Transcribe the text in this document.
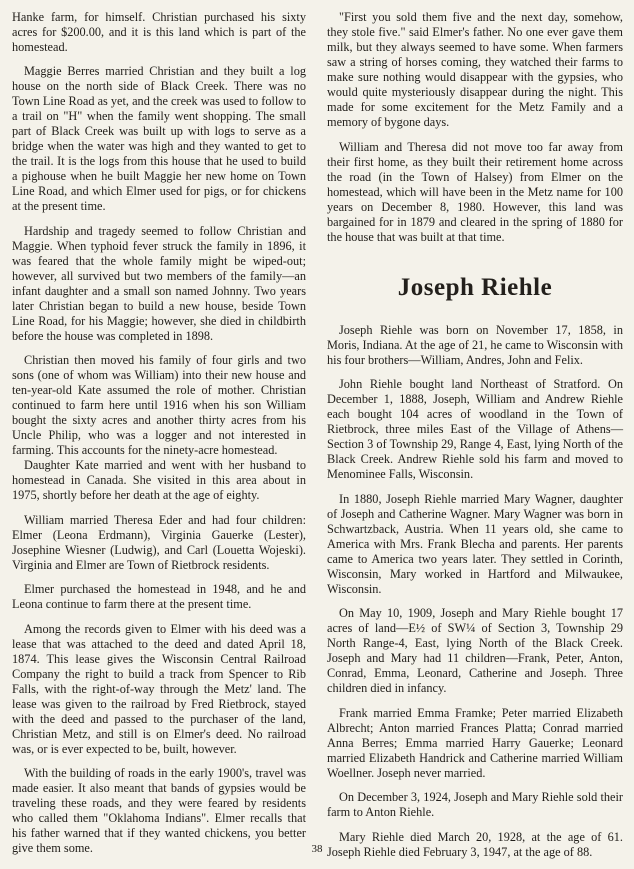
Hanke farm, for himself. Christian purchased his sixty acres for $200.00, and it is this land which is part of the homestead.

Maggie Berres married Christian and they built a log house on the north side of Black Creek. There was no Town Line Road as yet, and the creek was used to follow to a trail on "H" when the family went shopping. The small part of Black Creek was built up with logs to serve as a bridge when the water was high and they wanted to get to the trail. It is the logs from this house that he used to build a pighouse when he built Maggie her new home on Town Line Road, and which Elmer used for pigs, or for chickens at the present time.

Hardship and tragedy seemed to follow Christian and Maggie. When typhoid fever struck the family in 1896, it was feared that the whole family might be wiped-out; however, all survived but two members of the family—an infant daughter and a small son named Johnny. Two years later Christian began to build a new house, beside Town Line Road, for his Maggie; however, she died in childbirth before the house was completed in 1898.

Christian then moved his family of four girls and two sons (one of whom was William) into their new house and ten-year-old Kate assumed the role of mother. Christian continued to farm here until 1916 when his son William bought the sixty acres and another thirty acres from his Uncle Philip, who was a logger and not interested in farming. This accounts for the ninety-acre homestead.

Daughter Kate married and went with her husband to homestead in Canada. She visited in this area about in 1975, shortly before her death at the age of eighty.

William married Theresa Eder and had four children: Elmer (Leona Erdmann), Virginia Gauerke (Lester), Josephine Wiesner (Ludwig), and Carl (Louetta Wojeski). Virginia and Elmer are Town of Rietbrock residents.

Elmer purchased the homestead in 1948, and he and Leona continue to farm there at the present time.

Among the records given to Elmer with his deed was a lease that was attached to the deed and dated April 18, 1874. This lease gives the Wisconsin Central Railroad Company the right to build a track from Spencer to Rib Falls, with the right-of-way through the Metz' land. The lease was given to the railroad by Fred Rietbrock, stayed with the deed and passed to the purchaser of the land, Christian Metz, and still is on Elmer's deed. No railroad was, or is ever expected to be, built, however.

With the building of roads in the early 1900's, travel was made easier. It also meant that bands of gypsies would be traveling these roads, and they were feared by residents who called them "Oklahoma Indians". Elmer recalls that his father warned that if they wanted chickens, you better give them some.

"First you sold them five and the next day, somehow, they stole five." said Elmer's father. No one ever gave them milk, but they always seemed to have some. When farmers saw a string of horses coming, they watched their farms to make sure nothing would disappear with the gypsies, who would quite mysteriously disappear during the night. This made for some excitement for the Metz Family and a memory of bygone days.

William and Theresa did not move too far away from their first home, as they built their retirement home across the road (in the Town of Halsey) from Elmer on the homestead, which will have been in the Metz name for 100 years on December 8, 1980. However, this land was bargained for in 1879 and cleared in the spring of 1880 for the house that was built at that time.

Joseph Riehle

Joseph Riehle was born on November 17, 1858, in Moris, Indiana. At the age of 21, he came to Wisconsin with his four brothers—William, Andres, John and Felix.

John Riehle bought land Northeast of Stratford. On December 1, 1888, Joseph, William and Andrew Riehle each bought 104 acres of woodland in the Town of Rietbrock, three miles East of the Village of Athens—Section 3 of Township 29, Range 4, East, lying North of the Black Creek. Andrew Riehle sold his farm and moved to Menominee Falls, Wisconsin.

In 1880, Joseph Riehle married Mary Wagner, daughter of Joseph and Catherine Wagner. Mary Wagner was born in Schwartzback, Austria. When 11 years old, she came to America with Mrs. Frank Blecha and parents. Her parents came to America two years later. They settled in Corinth, Wisconsin, Mary worked in Hartford and Milwaukee, Wisconsin.

On May 10, 1909, Joseph and Mary Riehle bought 17 acres of land—E½ of SW¼ of Section 3, Township 29 North Range-4, East, lying North of the Black Creek. Joseph and Mary had 11 children—Frank, Peter, Anton, Conrad, Emma, Leonard, Catherine and Joseph. Three children died in infancy.

Frank married Emma Framke; Peter married Elizabeth Albrecht; Anton married Frances Platta; Conrad married Anna Berres; Emma married Harry Gauerke; Leonard married Elizabeth Handrick and Catherine married William Woellner. Joseph never married.

On December 3, 1924, Joseph and Mary Riehle sold their farm to Anton Riehle.

Mary Riehle died March 20, 1928, at the age of 61. Joseph Riehle died February 3, 1947, at the age of 88.

38
